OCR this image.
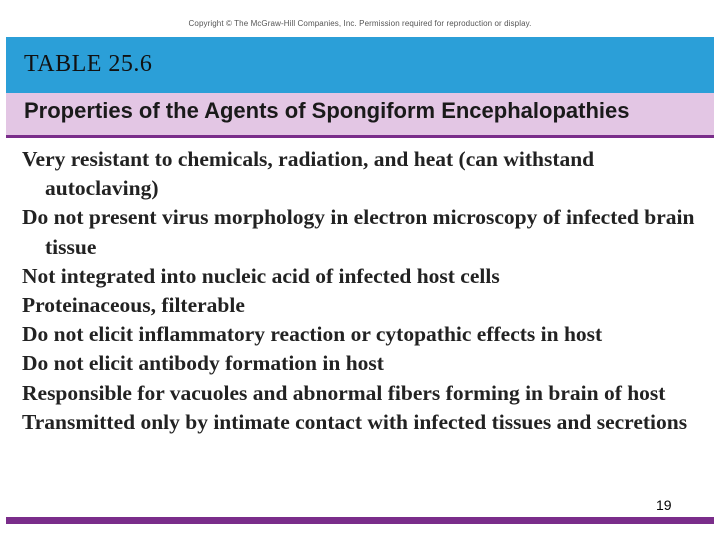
Copyright © The McGraw-Hill Companies, Inc. Permission required for reproduction or display.
TABLE 25.6
Properties of the Agents of Spongiform Encephalopathies
Very resistant to chemicals, radiation, and heat (can withstand autoclaving)
Do not present virus morphology in electron microscopy of infected brain tissue
Not integrated into nucleic acid of infected host cells
Proteinaceous, filterable
Do not elicit inflammatory reaction or cytopathic effects in host
Do not elicit antibody formation in host
Responsible for vacuoles and abnormal fibers forming in brain of host
Transmitted only by intimate contact with infected tissues and secretions
19
